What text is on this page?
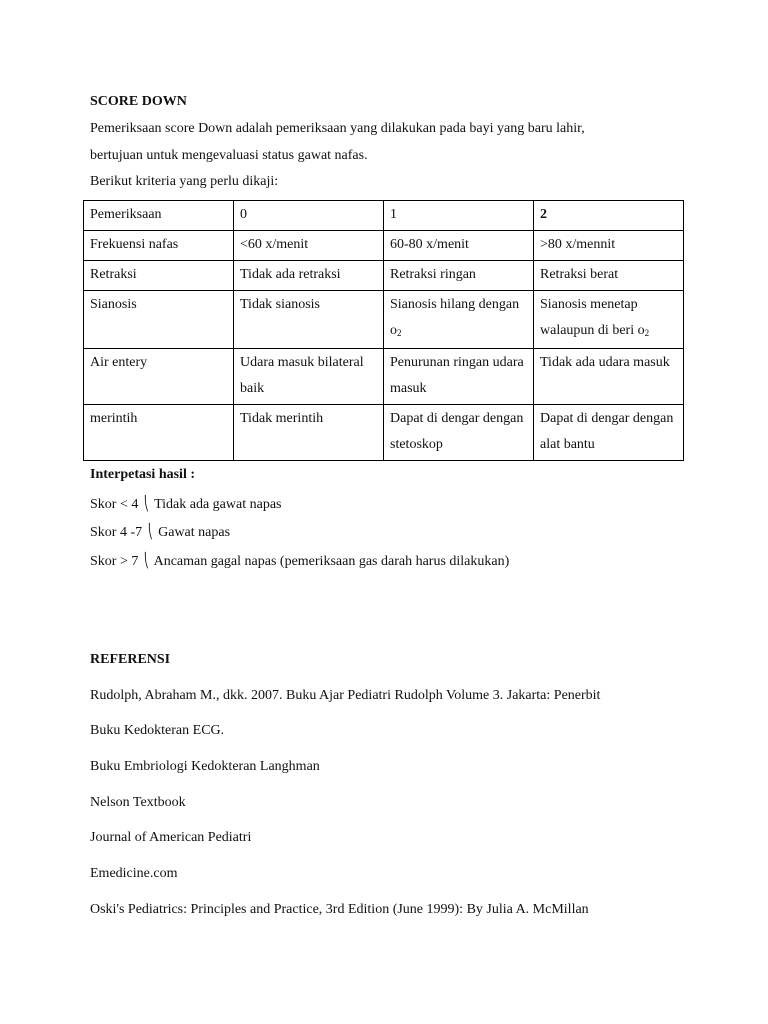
SCORE DOWN
Pemeriksaan score Down adalah pemeriksaan yang dilakukan pada bayi yang baru lahir,
bertujuan untuk mengevaluasi status gawat nafas.
Berikut kriteria yang perlu dikaji:
Pemeriksaan	0	1	2
Frekuensi nafas	<60 x/menit	60-80 x/menit	>80 x/mennit
Retraksi	Tidak ada retraksi	Retraksi ringan	Retraksi berat
Sianosis	Tidak sianosis	Sianosis hilang dengan $o_2$	Sianosis menetap walaupun di beri $o_2$
Air entery	Udara masuk bilateral baik	Penurunan ringan udara masuk	Tidak ada udara masuk
merintih	Tidak merintih	Dapat di dengar dengan stetoskop	Dapat di dengar dengan alat bantu
Interpetasi hasil :
Skor < 4 ⎝ Tidak ada gawat napas
Skor 4 -7 ⎝ Gawat napas
Skor > 7 ⎝ Ancaman gagal napas (pemeriksaan gas darah harus dilakukan)
REFERENSI
Rudolph, Abraham M., dkk. 2007. Buku Ajar Pediatri Rudolph Volume 3. Jakarta: Penerbit
Buku Kedokteran ECG.
Buku Embriologi Kedokteran Langhman
Nelson Textbook
Journal of American Pediatri
Emedicine.com
Oski's Pediatrics: Principles and Practice, 3rd Edition (June 1999): By Julia A. McMillan
